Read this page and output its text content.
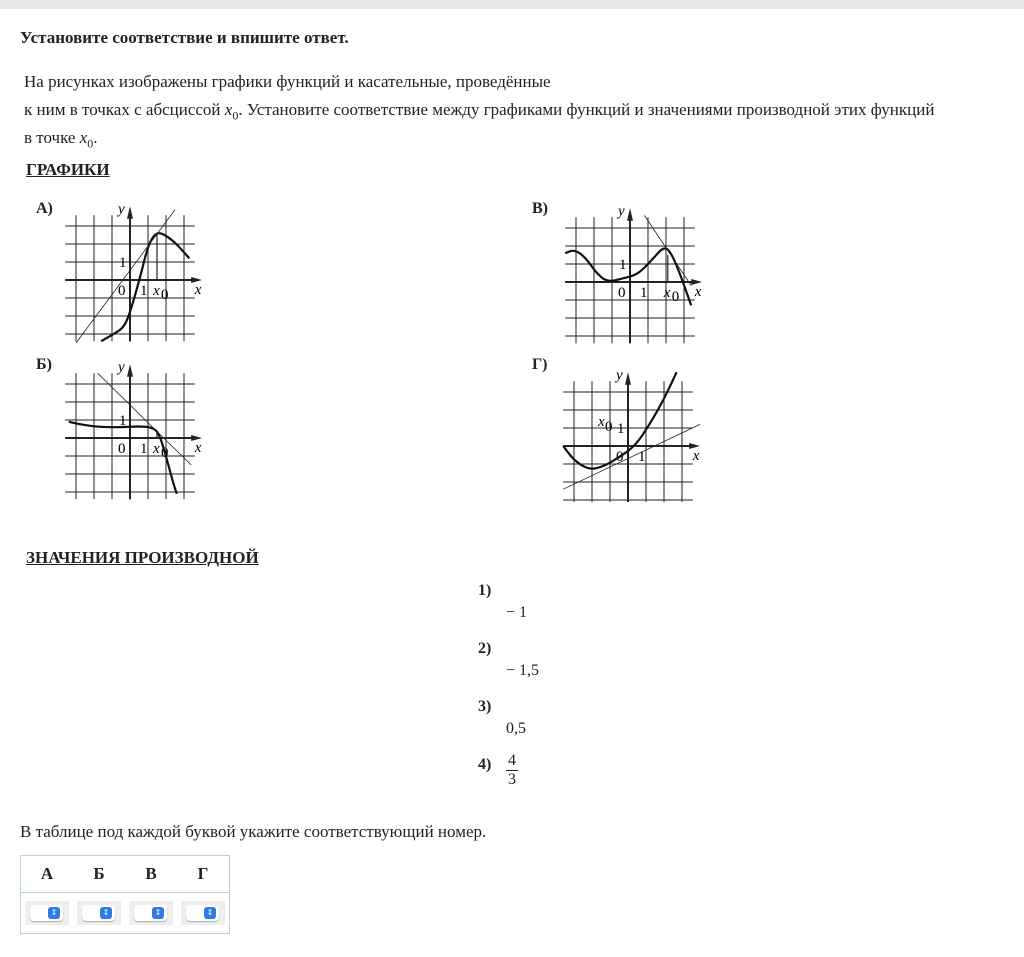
Установите соответствие и впишите ответ.
На рисунках изображены графики функций и касательные, проведённые
к ним в точках с абсциссой $x_0$. Установите соответствие между графиками функций и значениями производной этих функций
в точке $x_0$.
ГРАФИКИ
А)
Б)
В)
Г)
y
x
0
1
1 x 0
y
x
0
1
1 x 0
y
x
0
1
1 x 0
y
x
0
1
1
x 0
ЗНАЧЕНИЯ ПРОИЗВОДНОЙ
1)
− 1
2)
− 1,5
3)
0,5
4) 4
3
В таблице под каждой буквой укажите соответствующий номер.
А	Б	В	Г

⇕	⇕	⇕	⇕
